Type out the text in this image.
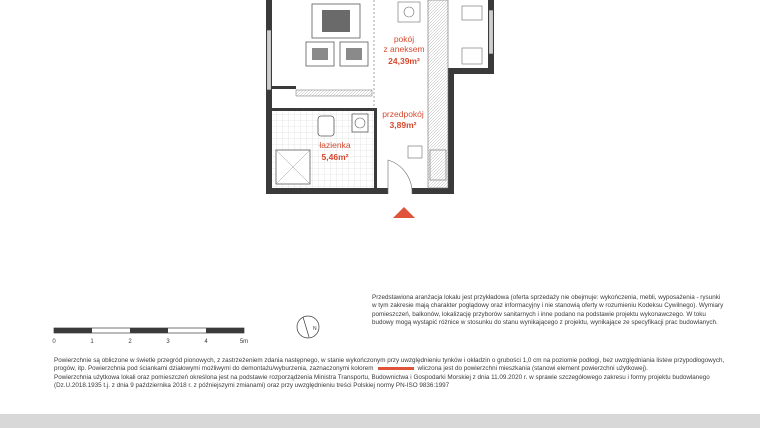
pokój
z aneksem
24,39m²
przedpokój
3,89m²
łazienka
5,46m²
0	1	2	3	4	5m
N
Przedstawiona aranżacja lokalu jest przykładowa (oferta sprzedaży nie obejmuje: wykończenia, mebli, wyposażenia - rysunki w tym zakresie mają charakter poglądowy oraz informacyjny i nie stanowią oferty w rozumieniu Kodeksu Cywilnego). Wymiary pomieszczeń, balkonów, lokalizację przyborów sanitarnych i inne podano na podstawie projektu wykonawczego. W toku budowy mogą wystąpić różnice w stosunku do stanu wynikającego z projektu, wynikające ze specyfikacji prac budowlanych.

Powierzchnie są obliczone w świetle przegród pionowych, z zastrzeżeniem zdania następnego, w stanie wykończonym przy uwzględnieniu tynków i okładzin o grubości 1,0 cm na poziomie podłogi, bez uwzględniania listew przypodłogowych, progów, itp. Powierzchnia pod ściankami działowymi możliwymi do demontażu/wyburzenia, zaznaczonymi kolorem	wliczona jest do powierzchni mieszkania (stanowi element powierzchni użytkowej).

Powierzchnia użytkowa lokali oraz pomieszczeń określona jest na podstawie rozporządzenia Ministra Transportu, Budownictwa i Gospodarki Morskiej z dnia 11.09.2020 r. w sprawie szczegółowego zakresu i formy projektu budowlanego (Dz.U.2018.1935 t.j. z dnia 9 października 2018 r. z późniejszymi zmianami) oraz przy uwzględnieniu treści Polskiej normy PN-ISO 9836:1997
